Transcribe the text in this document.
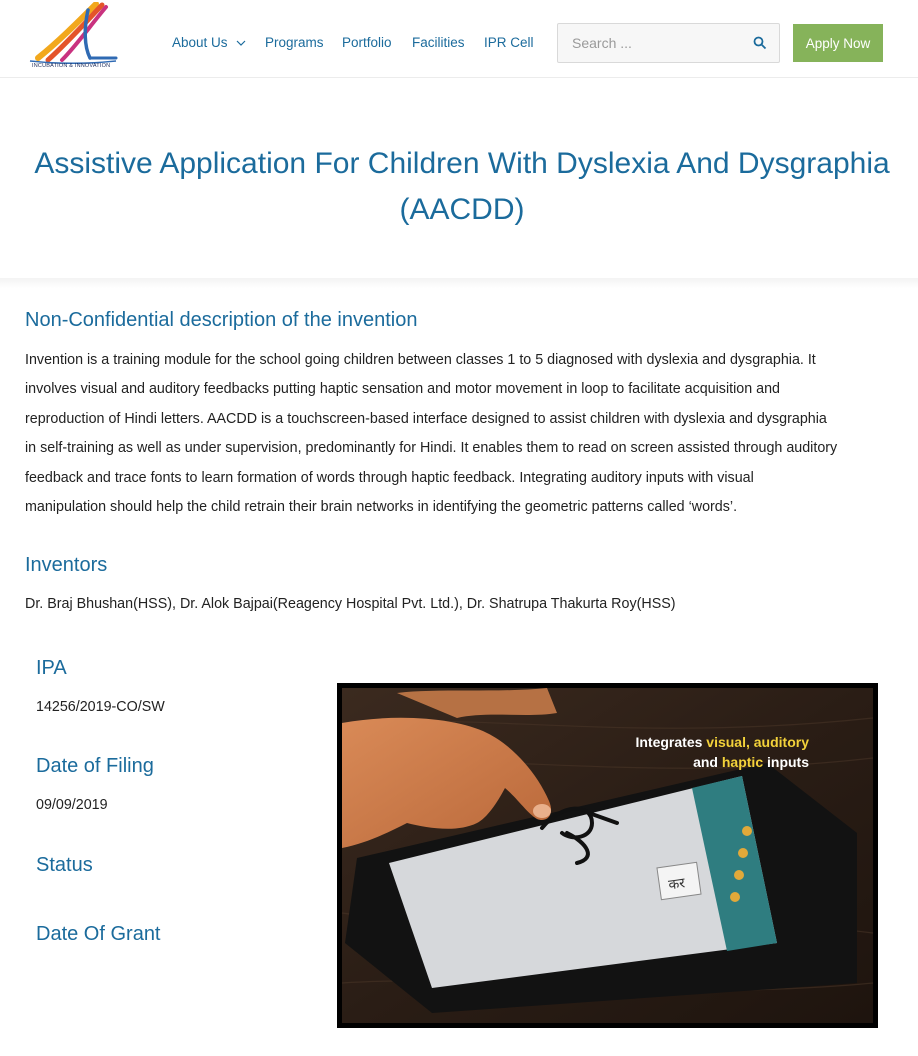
INCUBATION & INNOVATION
About Us	Programs Portfolio Facilities IPR Cell
Search ...	Apply Now
Assistive Application For Children With Dyslexia And Dysgraphia
(AACDD)
Non-Confidential description of the invention
Invention is a training module for the school going children between classes 1 to 5 diagnosed with dyslexia and dysgraphia. It
involves visual and auditory feedbacks putting haptic sensation and motor movement in loop to facilitate acquisition and
reproduction of Hindi letters. AACDD is a touchscreen-based interface designed to assist children with dyslexia and dysgraphia
in self-training as well as under supervision, predominantly for Hindi. It enables them to read on screen assisted through auditory
feedback and trace fonts to learn formation of words through haptic feedback. Integrating auditory inputs with visual
manipulation should help the child retrain their brain networks in identifying the geometric patterns called ‘words’.
Inventors
Dr. Braj Bhushan(HSS), Dr. Alok Bajpai(Reagency Hospital Pvt. Ltd.), Dr. Shatrupa Thakurta Roy(HSS)
IPA
14256/2019-CO/SW
Date of Filing
09/09/2019
Status
Date Of Grant
कर
Integrates visual, auditory
and haptic inputs
